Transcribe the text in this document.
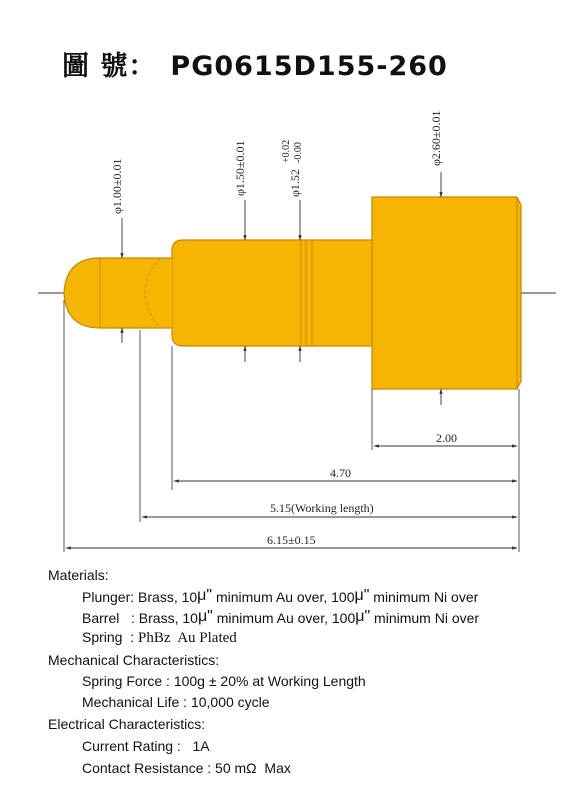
圖 號： PG0615D155-260
φ1.00±0.01	φ1.50±0.01	φ1.52
+0.02 -0.00	φ2.60±0.01
2.00
4.70
5.15(Working length)
6.15±0.15
Materials:
Plunger: Brass, 10μ" minimum Au over, 100μ" minimum Ni over
Barrel   : Brass, 10μ" minimum Au over, 100μ" minimum Ni over
Spring  : PhBz  Au Plated
Mechanical Characteristics:
Spring Force : 100g ± 20% at Working Length
Mechanical Life : 10,000 cycle
Electrical Characteristics:
Current Rating :   1A
Contact Resistance : 50 mΩ  Max
